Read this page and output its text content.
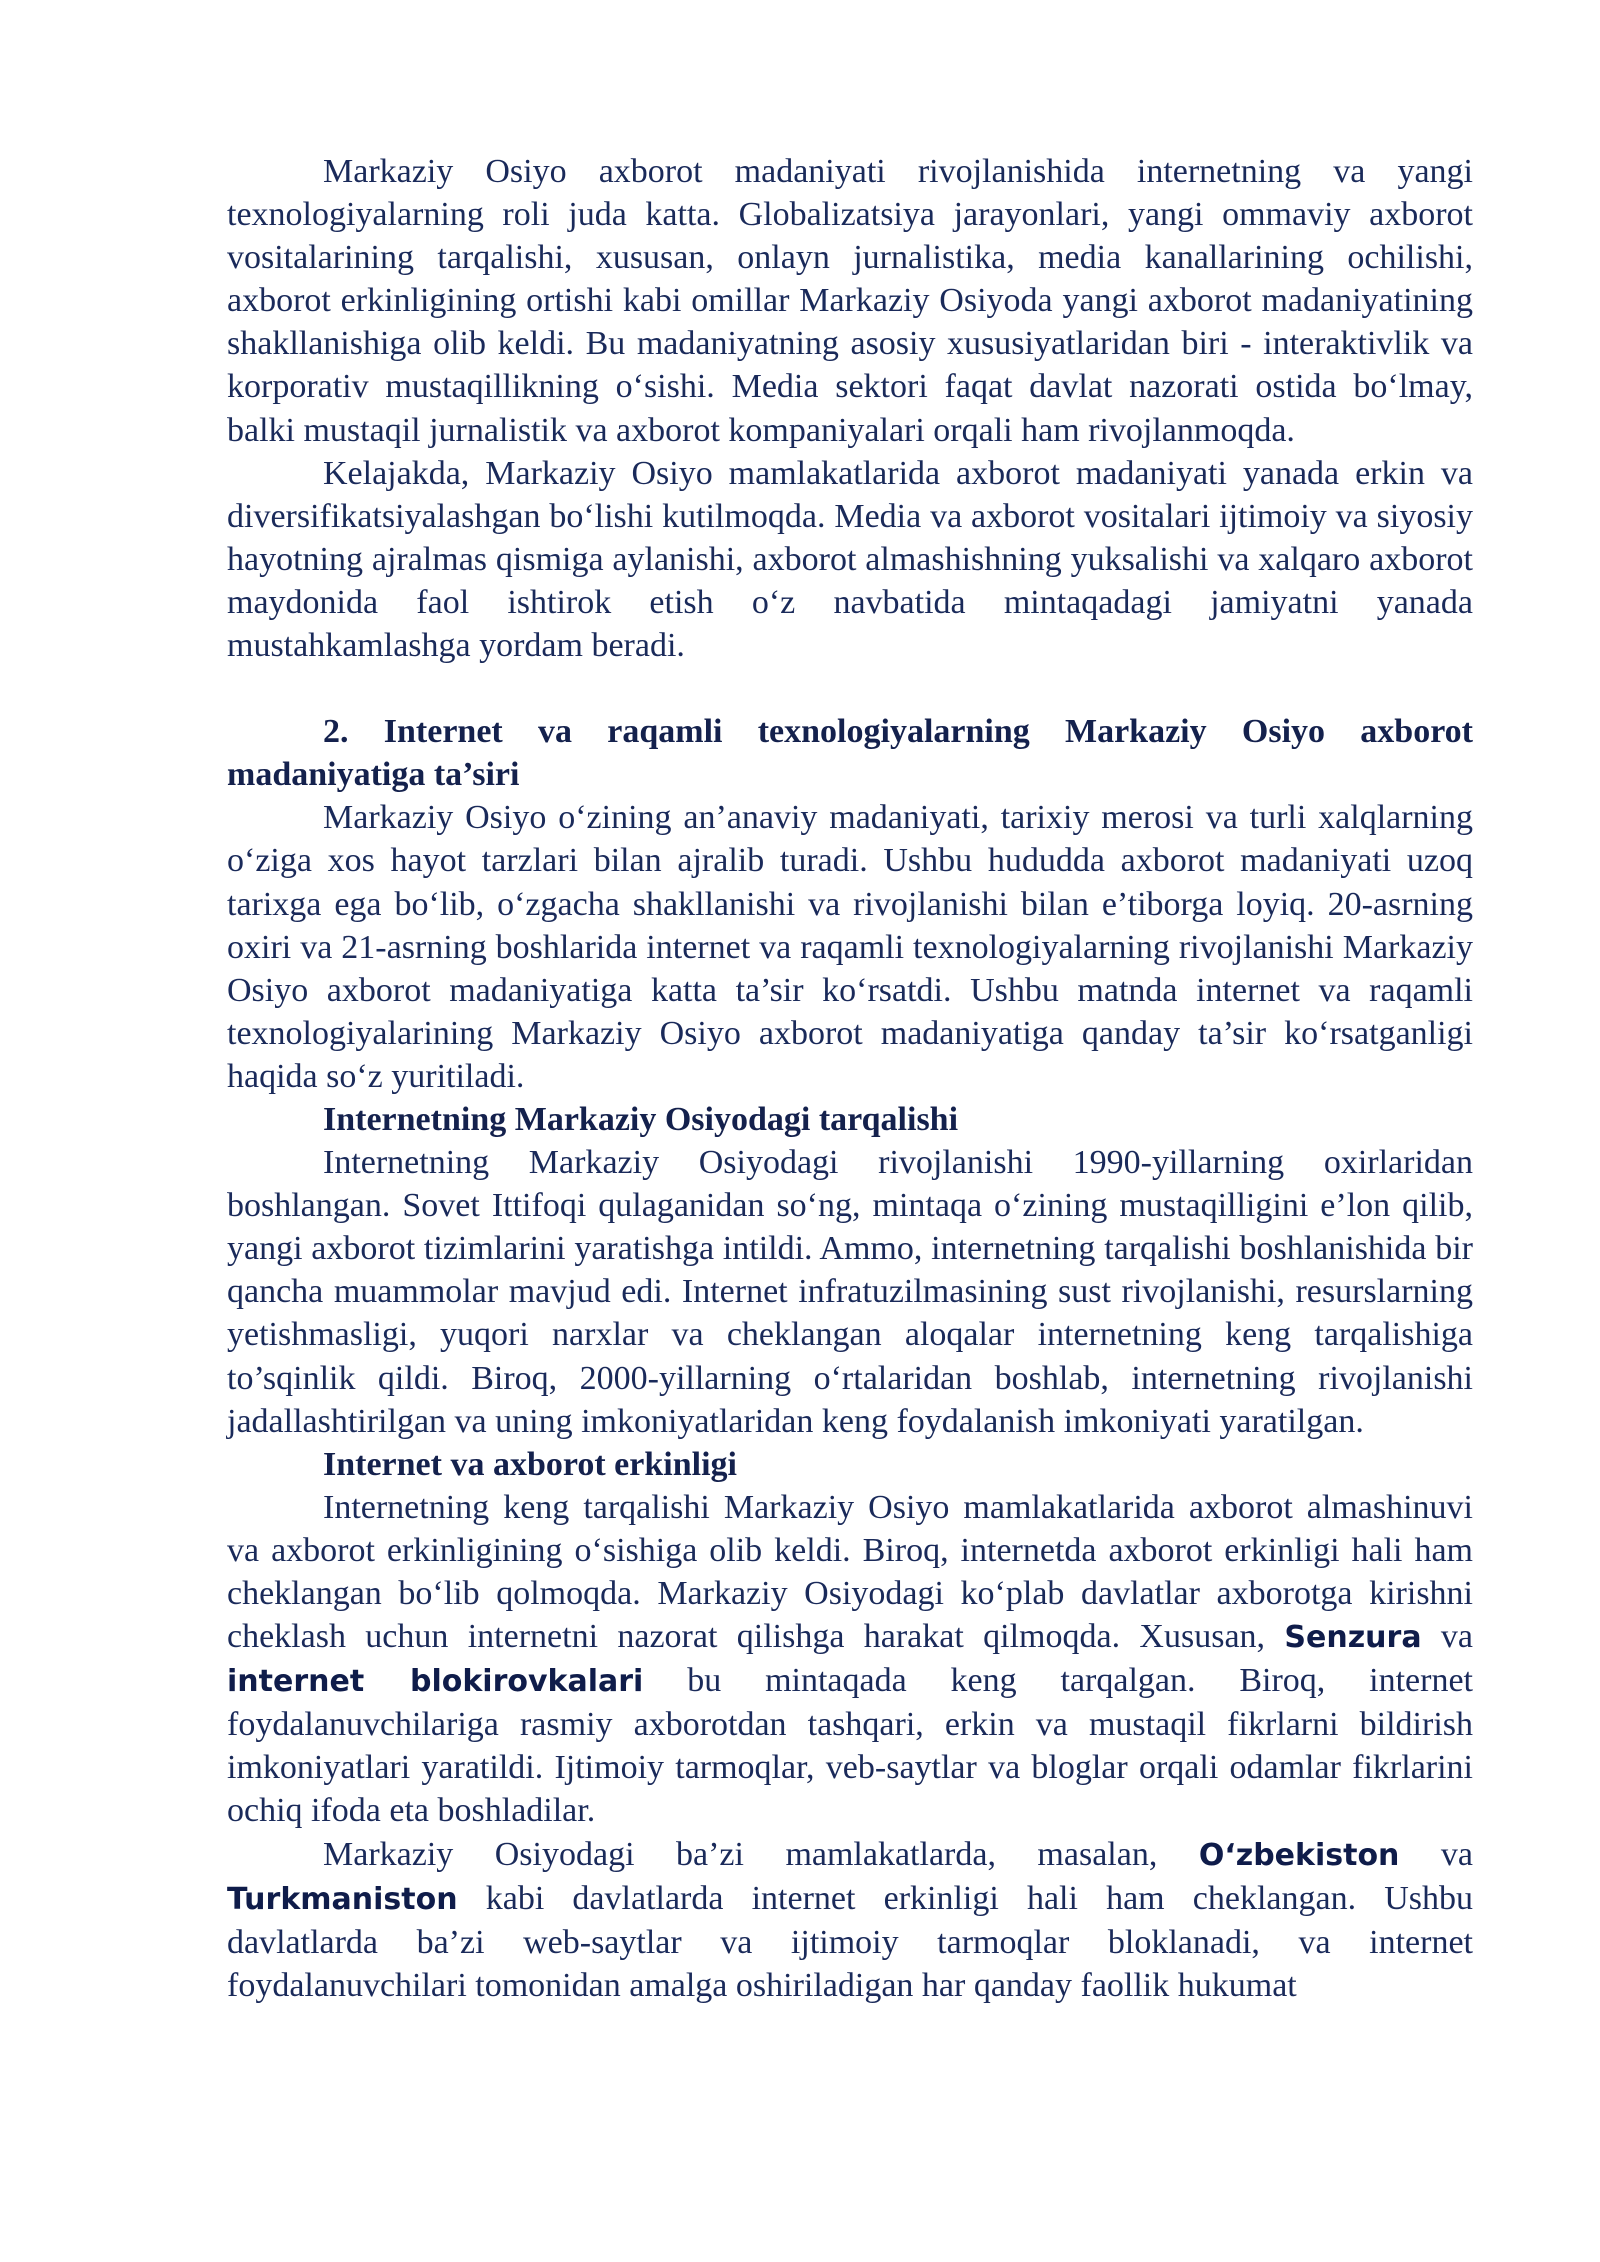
Markaziy Osiyo axborot madaniyati rivojlanishida internetning va yangi texnologiyalarning roli juda katta. Globalizatsiya jarayonlari, yangi ommaviy axborot vositalarining tarqalishi, xususan, onlayn jurnalistika, media kanallarining ochilishi, axborot erkinligining ortishi kabi omillar Markaziy Osiyoda yangi axborot madaniyatining shakllanishiga olib keldi. Bu madaniyatning asosiy xususiyatlaridan biri - interaktivlik va korporativ mustaqillikning o‘sishi. Media sektori faqat davlat nazorati ostida bo‘lmay, balki mustaqil jurnalistik va axborot kompaniyalari orqali ham rivojlanmoqda.

Kelajakda, Markaziy Osiyo mamlakatlarida axborot madaniyati yanada erkin va diversifikatsiyalashgan bo‘lishi kutilmoqda. Media va axborot vositalari ijtimoiy va siyosiy hayotning ajralmas qismiga aylanishi, axborot almashishning yuksalishi va xalqaro axborot maydonida faol ishtirok etish o‘z navbatida mintaqadagi jamiyatni yanada mustahkamlashga yordam beradi.

2. Internet va raqamli texnologiyalarning Markaziy Osiyo axborot madaniyatiga ta’siri

Markaziy Osiyo o‘zining an’anaviy madaniyati, tarixiy merosi va turli xalqlarning o‘ziga xos hayot tarzlari bilan ajralib turadi. Ushbu hududda axborot madaniyati uzoq tarixga ega bo‘lib, o‘zgacha shakllanishi va rivojlanishi bilan e’tiborga loyiq. 20-asrning oxiri va 21-asrning boshlarida internet va raqamli texnologiyalarning rivojlanishi Markaziy Osiyo axborot madaniyatiga katta ta’sir ko‘rsatdi. Ushbu matnda internet va raqamli texnologiyalarining Markaziy Osiyo axborot madaniyatiga qanday ta’sir ko‘rsatganligi haqida so‘z yuritiladi.

Internetning Markaziy Osiyodagi tarqalishi

Internetning Markaziy Osiyodagi rivojlanishi 1990-yillarning oxirlaridan boshlangan. Sovet Ittifoqi qulaganidan so‘ng, mintaqa o‘zining mustaqilligini e’lon qilib, yangi axborot tizimlarini yaratishga intildi. Ammo, internetning tarqalishi boshlanishida bir qancha muammolar mavjud edi. Internet infratuzilmasining sust rivojlanishi, resurslarning yetishmasligi, yuqori narxlar va cheklangan aloqalar internetning keng tarqalishiga to’sqinlik qildi. Biroq, 2000-yillarning o‘rtalaridan boshlab, internetning rivojlanishi jadallashtirilgan va uning imkoniyatlaridan keng foydalanish imkoniyati yaratilgan.

Internet va axborot erkinligi

Internetning keng tarqalishi Markaziy Osiyo mamlakatlarida axborot almashinuvi va axborot erkinligining o‘sishiga olib keldi. Biroq, internetda axborot erkinligi hali ham cheklangan bo‘lib qolmoqda. Markaziy Osiyodagi ko‘plab davlatlar axborotga kirishni cheklash uchun internetni nazorat qilishga harakat qilmoqda. Xususan, Senzura va internet blokirovkalari bu mintaqada keng tarqalgan. Biroq, internet foydalanuvchilariga rasmiy axborotdan tashqari, erkin va mustaqil fikrlarni bildirish imkoniyatlari yaratildi. Ijtimoiy tarmoqlar, veb-saytlar va bloglar orqali odamlar fikrlarini ochiq ifoda eta boshladilar.

Markaziy Osiyodagi ba’zi mamlakatlarda, masalan, O‘zbekiston va Turkmaniston kabi davlatlarda internet erkinligi hali ham cheklangan. Ushbu davlatlarda ba’zi web-saytlar va ijtimoiy tarmoqlar bloklanadi, va internet foydalanuvchilari tomonidan amalga oshiriladigan har qanday faollik hukumat
